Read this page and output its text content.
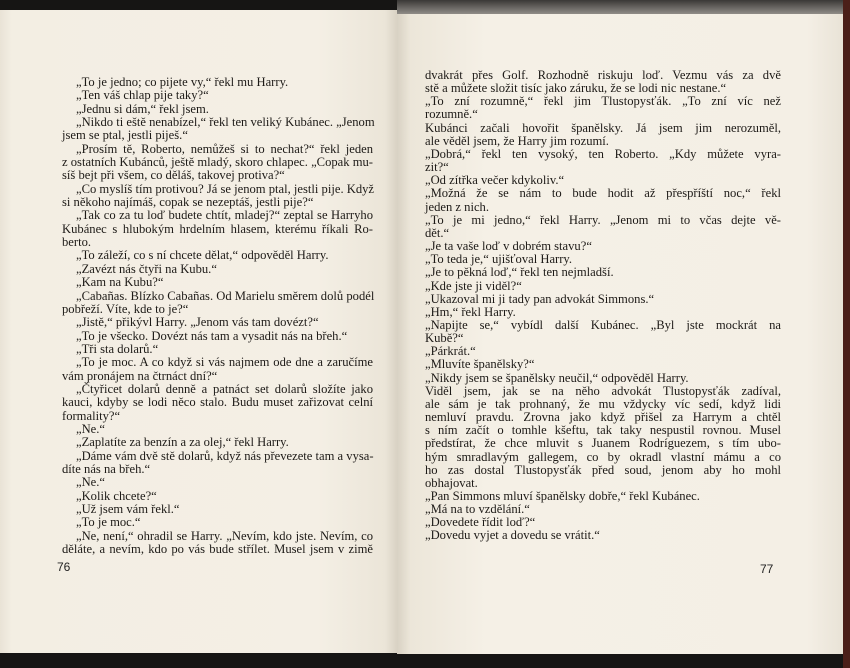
„To je jedno; co pijete vy,“ řekl mu Harry.
„Ten váš chlap pije taky?“
„Jednu si dám,“ řekl jsem.
„Nikdo ti eště nenabízel,“ řekl ten veliký Kubánec. „Jenom
jsem se ptal, jestli piješ.“
„Prosím tě, Roberto, nemůžeš si to nechat?“ řekl jeden
z ostatních Kubánců, ještě mladý, skoro chlapec. „Copak mu-
síš bejt při všem, co děláš, takovej protiva?“
„Co myslíš tím protivou? Já se jenom ptal, jestli pije. Když
si někoho najímáš, copak se nezeptáš, jestli pije?“
„Tak co za tu loď budete chtít, mladej?“ zeptal se Harryho
Kubánec s hlubokým hrdelním hlasem, kterému říkali Ro-
berto.
„To záleží, co s ní chcete dělat,“ odpověděl Harry.
„Zavézt nás čtyři na Kubu.“
„Kam na Kubu?“
„Cabañas. Blízko Cabañas. Od Marielu směrem dolů podél
pobřeží. Víte, kde to je?“
„Jistě,“ přikývl Harry. „Jenom vás tam dovézt?“
„To je všecko. Dovézt nás tam a vysadit nás na břeh.“
„Tři sta dolarů.“
„To je moc. A co když si vás najmem ode dne a zaručíme
vám pronájem na čtrnáct dní?“
„Čtyřicet dolarů denně a patnáct set dolarů složíte jako
kauci, kdyby se lodi něco stalo. Budu muset zařizovat celní
formality?“
„Ne.“
„Zaplatíte za benzín a za olej,“ řekl Harry.
„Dáme vám dvě stě dolarů, když nás převezete tam a vysa-
díte nás na břeh.“
„Ne.“
„Kolik chcete?“
„Už jsem vám řekl.“
„To je moc.“
„Ne, není,“ ohradil se Harry. „Nevím, kdo jste. Nevím, co
děláte, a nevím, kdo po vás bude střílet. Musel jsem v zimě
76
dvakrát přes Golf. Rozhodně riskuju loď. Vezmu vás za dvě
stě a můžete složit tisíc jako záruku, že se lodi nic nestane.“
„To zní rozumně,“ řekl jim Tlustopysťák. „To zní víc než
rozumně.“
Kubánci začali hovořit španělsky. Já jsem jim nerozuměl,
ale věděl jsem, že Harry jim rozumí.
„Dobrá,“ řekl ten vysoký, ten Roberto. „Kdy můžete vyra-
zit?“
„Od zítřka večer kdykoliv.“
„Možná že se nám to bude hodit až přespříští noc,“ řekl
jeden z nich.
„To je mi jedno,“ řekl Harry. „Jenom mi to včas dejte vě-
dět.“
„Je ta vaše loď v dobrém stavu?“
„To teda je,“ ujišťoval Harry.
„Je to pěkná loď,“ řekl ten nejmladší.
„Kde jste ji viděl?“
„Ukazoval mi ji tady pan advokát Simmons.“
„Hm,“ řekl Harry.
„Napijte se,“ vybídl další Kubánec. „Byl jste mockrát na
Kubě?“
„Párkrát.“
„Mluvíte španělsky?“
„Nikdy jsem se španělsky neučil,“ odpověděl Harry.
Viděl jsem, jak se na něho advokát Tlustopysťák zadíval,
ale sám je tak prohnaný, že mu vždycky víc sedí, když lidi
nemluví pravdu. Zrovna jako když přišel za Harrym a chtěl
s ním začít o tomhle kšeftu, tak taky nespustil rovnou. Musel
předstírat, že chce mluvit s Juanem Rodríguezem, s tím ubo-
hým smradlavým gallegem, co by okradl vlastní mámu a co
ho zas dostal Tlustopysťák před soud, jenom aby ho mohl
obhajovat.
„Pan Simmons mluví španělsky dobře,“ řekl Kubánec.
„Má na to vzdělání.“
„Dovedete řídit loď?“
„Dovedu vyjet a dovedu se vrátit.“
77
